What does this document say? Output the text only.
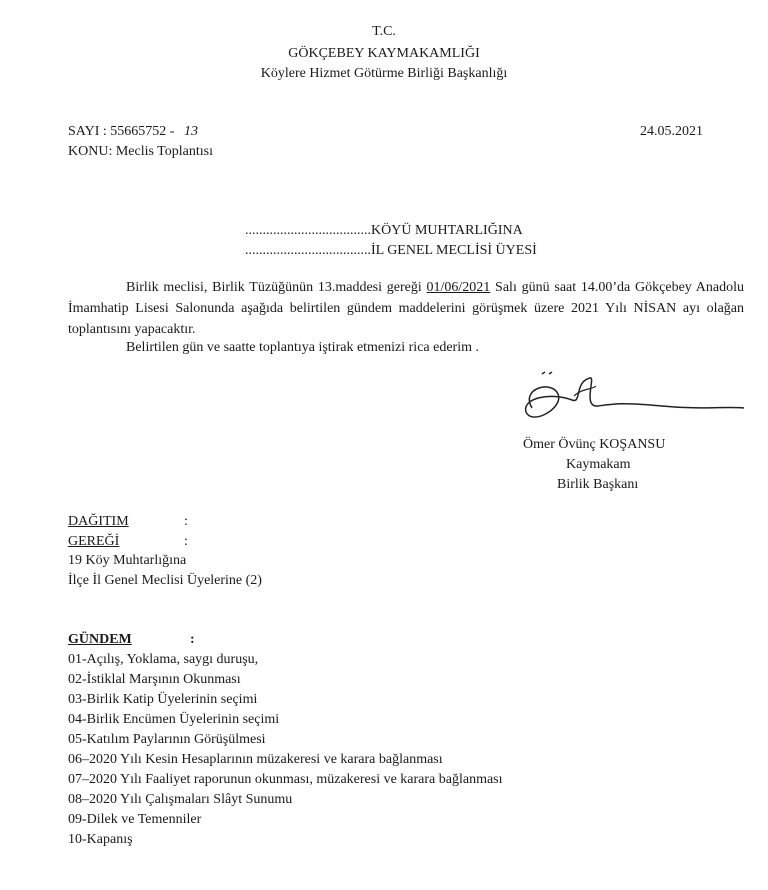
T.C.
GÖKÇEBEY KAYMAKAMLIĞI
Köylere Hizmet Götürme Birliği Başkanlığı
SAYI : 55665752 - 13	24.05.2021
KONU: Meclis Toplantısı
....................................KÖYÜ MUHTARLIĞINA
....................................İL GENEL MECLİSİ ÜYESİ

Birlik meclisi, Birlik Tüzüğünün 13.maddesi gereği 01/06/2021 Salı günü saat 14.00’da Gökçebey Anadolu İmamhatip Lisesi Salonunda aşağıda belirtilen gündem maddelerini görüşmek üzere 2021 Yılı NİSAN ayı olağan toplantısını yapacaktır.

Belirtilen gün ve saatte toplantıya iştirak etmenizi rica ederim .
Ömer Övünç KOŞANSU
Kaymakam
Birlik Başkanı
DAĞITIM	:
GEREĞİ	:
19 Köy Muhtarlığına
İlçe İl Genel Meclisi Üyelerine (2)
GÜNDEM	:
01-Açılış, Yoklama, saygı duruşu,
02-İstiklal Marşının Okunması
03-Birlik Katip Üyelerinin seçimi
04-Birlik Encümen Üyelerinin seçimi
05-Katılım Paylarının Görüşülmesi
06–2020 Yılı Kesin Hesaplarının müzakeresi ve karara bağlanması
07–2020 Yılı Faaliyet raporunun okunması, müzakeresi ve karara bağlanması
08–2020 Yılı Çalışmaları Slâyt Sunumu
09-Dilek ve Temenniler
10-Kapanış
